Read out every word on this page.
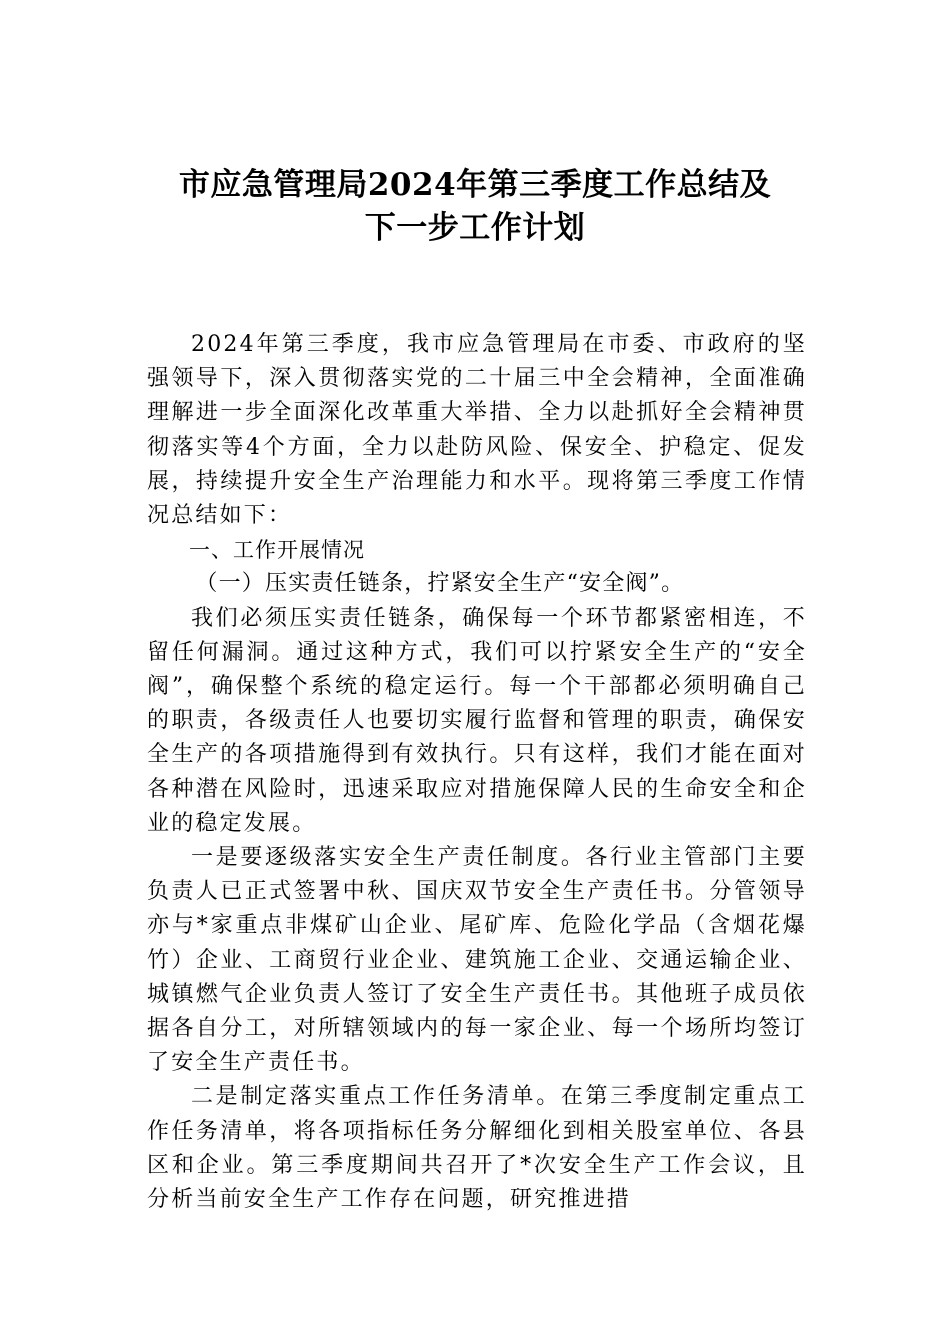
市应急管理局2024年第三季度工作总结及
下一步工作计划

2024年第三季度，我市应急管理局在市委、市政府的坚强领导下，深入贯彻落实党的二十届三中全会精神，全面准确理解进一步全面深化改革重大举措、全力以赴抓好全会精神贯彻落实等4个方面，全力以赴防风险、保安全、护稳定、促发展，持续提升安全生产治理能力和水平。现将第三季度工作情况总结如下：

一、工作开展情况

（一）压实责任链条，拧紧安全生产“安全阀”。

我们必须压实责任链条，确保每一个环节都紧密相连，不留任何漏洞。通过这种方式，我们可以拧紧安全生产的“安全阀”，确保整个系统的稳定运行。每一个干部都必须明确自己的职责，各级责任人也要切实履行监督和管理的职责，确保安全生产的各项措施得到有效执行。只有这样，我们才能在面对各种潜在风险时，迅速采取应对措施保障人民的生命安全和企业的稳定发展。

一是要逐级落实安全生产责任制度。各行业主管部门主要负责人已正式签署中秋、国庆双节安全生产责任书。分管领导亦与*家重点非煤矿山企业、尾矿库、危险化学品（含烟花爆竹）企业、工商贸行业企业、建筑施工企业、交通运输企业、城镇燃气企业负责人签订了安全生产责任书。其他班子成员依据各自分工，对所辖领域内的每一家企业、每一个场所均签订了安全生产责任书。

二是制定落实重点工作任务清单。在第三季度制定重点工作任务清单，将各项指标任务分解细化到相关股室单位、各县区和企业。第三季度期间共召开了*次安全生产工作会议，且分析当前安全生产工作存在问题，研究推进措
